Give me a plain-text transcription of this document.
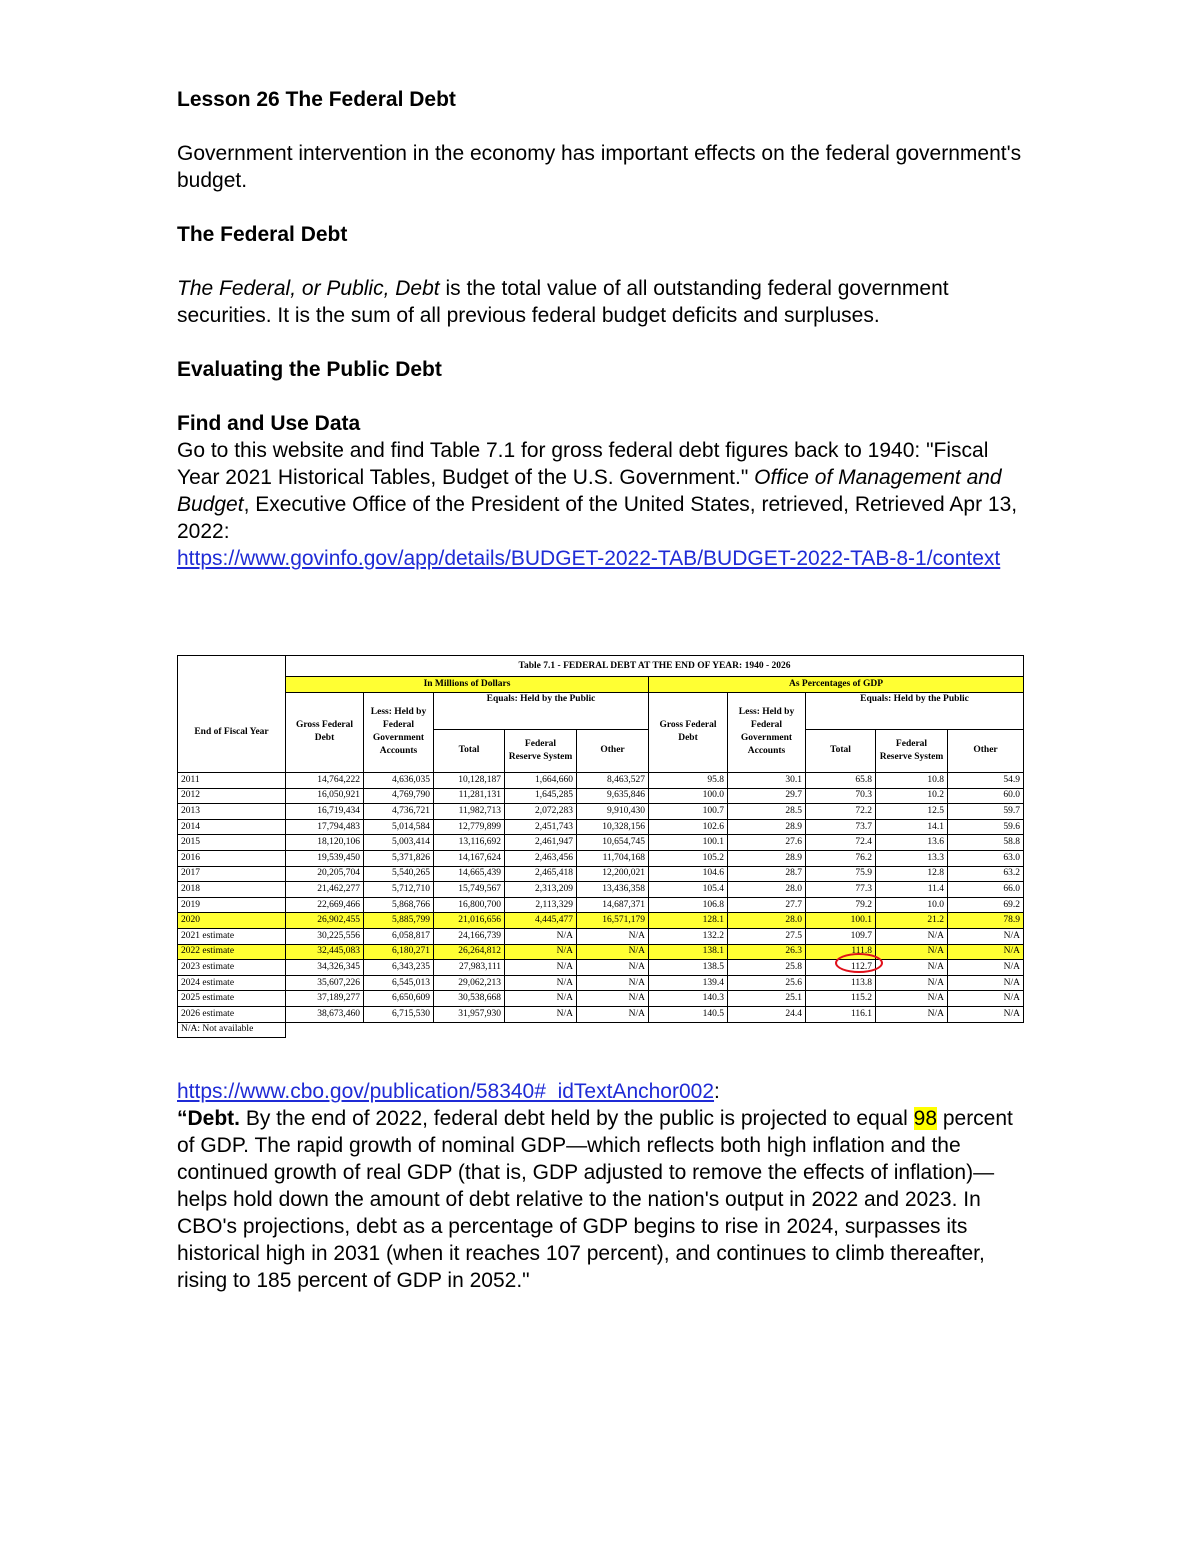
Lesson 26 The Federal Debt

Government intervention in the economy has important effects on the federal government's budget.

The Federal Debt

The Federal, or Public, Debt is the total value of all outstanding federal government securities. It is the sum of all previous federal budget deficits and surpluses.

Evaluating the Public Debt

Find and Use Data

Go to this website and find Table 7.1 for gross federal debt figures back to 1940: "Fiscal Year 2021 Historical Tables, Budget of the U.S. Government." Office of Management and Budget, Executive Office of the President of the United States, retrieved, Retrieved Apr 13, 2022:
https://www.govinfo.gov/app/details/BUDGET-2022-TAB/BUDGET-2022-TAB-8-1/context

	Table 7.1 - FEDERAL DEBT AT THE END OF YEAR: 1940 - 2026									
	In Millions of Dollars					As Percentages of GDP				
End of Fiscal Year	Gross Federal Debt	Less: Held by Federal Government Accounts	Equals: Held by the Public			Gross Federal Debt	Less: Held by Federal Government Accounts	Equals: Held by the Public		
			Total	Federal Reserve System	Other			Total	Federal Reserve System	Other
2011	14,764,222	4,636,035	10,128,187	1,664,660	8,463,527	95.8	30.1	65.8	10.8	54.9
2012	16,050,921	4,769,790	11,281,131	1,645,285	9,635,846	100.0	29.7	70.3	10.2	60.0
2013	16,719,434	4,736,721	11,982,713	2,072,283	9,910,430	100.7	28.5	72.2	12.5	59.7
2014	17,794,483	5,014,584	12,779,899	2,451,743	10,328,156	102.6	28.9	73.7	14.1	59.6
2015	18,120,106	5,003,414	13,116,692	2,461,947	10,654,745	100.1	27.6	72.4	13.6	58.8
2016	19,539,450	5,371,826	14,167,624	2,463,456	11,704,168	105.2	28.9	76.2	13.3	63.0
2017	20,205,704	5,540,265	14,665,439	2,465,418	12,200,021	104.6	28.7	75.9	12.8	63.2
2018	21,462,277	5,712,710	15,749,567	2,313,209	13,436,358	105.4	28.0	77.3	11.4	66.0
2019	22,669,466	5,868,766	16,800,700	2,113,329	14,687,371	106.8	27.7	79.2	10.0	69.2
2020	26,902,455	5,885,799	21,016,656	4,445,477	16,571,179	128.1	28.0	100.1	21.2	78.9
2021 estimate	30,225,556	6,058,817	24,166,739	N/A	N/A	132.2	27.5	109.7	N/A	N/A
2022 estimate	32,445,083	6,180,271	26,264,812	N/A	N/A	138.1	26.3	111.8	N/A	N/A
2023 estimate	34,326,345	6,343,235	27,983,111	N/A	N/A	138.5	25.8	112.7	N/A	N/A
2024 estimate	35,607,226	6,545,013	29,062,213	N/A	N/A	139.4	25.6	113.8	N/A	N/A
2025 estimate	37,189,277	6,650,609	30,538,668	N/A	N/A	140.3	25.1	115.2	N/A	N/A
2026 estimate	38,673,460	6,715,530	31,957,930	N/A	N/A	140.5	24.4	116.1	N/A	N/A
N/A: Not available										

https://www.cbo.gov/publication/58340#_idTextAnchor002:

“Debt. By the end of 2022, federal debt held by the public is projected to equal 98 percent of GDP. The rapid growth of nominal GDP—which reflects both high inflation and the continued growth of real GDP (that is, GDP adjusted to remove the effects of inflation)—helps hold down the amount of debt relative to the nation's output in 2022 and 2023. In CBO's projections, debt as a percentage of GDP begins to rise in 2024, surpasses its historical high in 2031 (when it reaches 107 percent), and continues to climb thereafter, rising to 185 percent of GDP in 2052."
